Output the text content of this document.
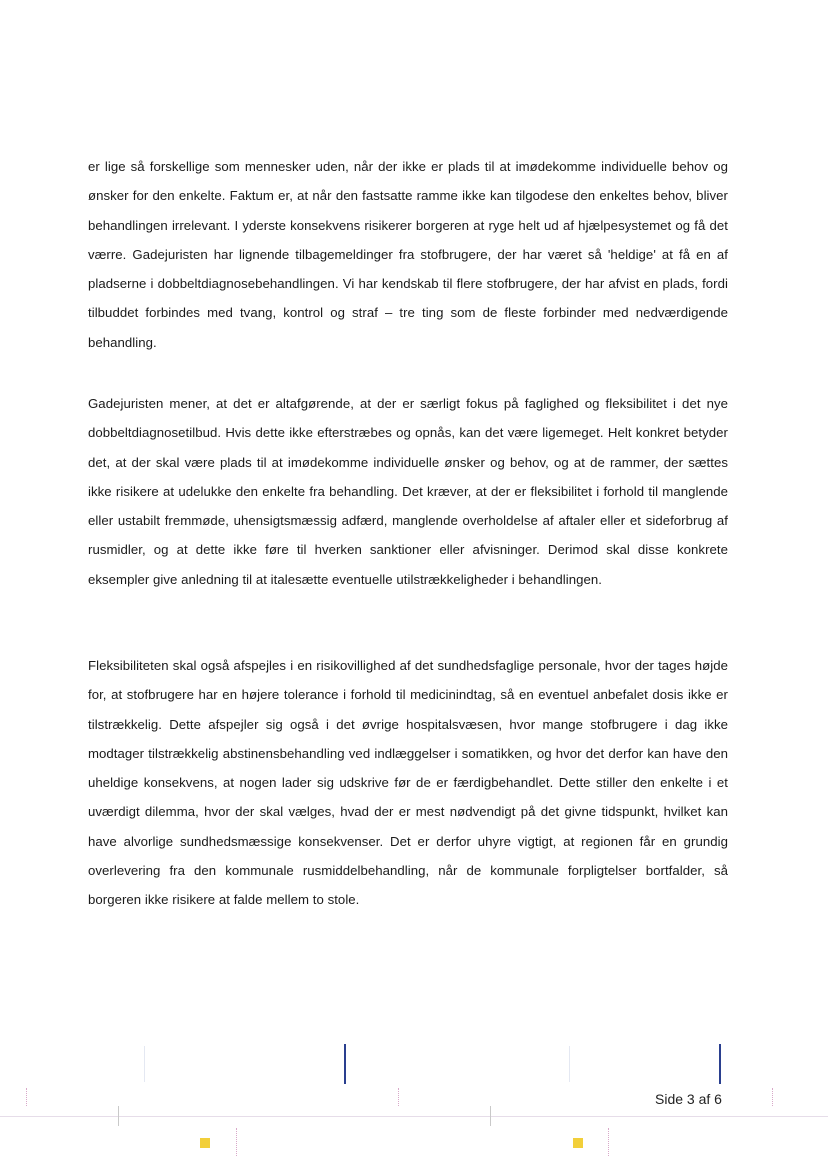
er lige så forskellige som mennesker uden, når der ikke er plads til at imødekomme individuelle behov og ønsker for den enkelte. Faktum er, at når den fastsatte ramme ikke kan tilgodese den enkeltes behov, bliver behandlingen irrelevant. I yderste konsekvens risikerer borgeren at ryge helt ud af hjælpesystemet og få det værre. Gadejuristen har lignende tilbagemeldinger fra stofbrugere, der har været så 'heldige' at få en af pladserne i dobbeltdiagnosebehandlingen. Vi har kendskab til flere stofbrugere, der har afvist en plads, fordi tilbuddet forbindes med tvang, kontrol og straf – tre ting som de fleste forbinder med nedværdigende behandling.

Gadejuristen mener, at det er altafgørende, at der er særligt fokus på faglighed og fleksibilitet i det nye dobbeltdiagnosetilbud. Hvis dette ikke efterstræbes og opnås, kan det være ligemeget. Helt konkret betyder det, at der skal være plads til at imødekomme individuelle ønsker og behov, og at de rammer, der sættes ikke risikere at udelukke den enkelte fra behandling. Det kræver, at der er fleksibilitet i forhold til manglende eller ustabilt fremmøde, uhensigtsmæssig adfærd, manglende overholdelse af aftaler eller et sideforbrug af rusmidler, og at dette ikke føre til hverken sanktioner eller afvisninger. Derimod skal disse konkrete eksempler give anledning til at italesætte eventuelle utilstrækkeligheder i behandlingen.

Fleksibiliteten skal også afspejles i en risikovillighed af det sundhedsfaglige personale, hvor der tages højde for, at stofbrugere har en højere tolerance i forhold til medicinindtag, så en eventuel anbefalet dosis ikke er tilstrækkelig. Dette afspejler sig også i det øvrige hospitalsvæsen, hvor mange stofbrugere i dag ikke modtager tilstrækkelig abstinensbehandling ved indlæggelser i somatikken, og hvor det derfor kan have den uheldige konsekvens, at nogen lader sig udskrive før de er færdigbehandlet. Dette stiller den enkelte i et uværdigt dilemma, hvor der skal vælges, hvad der er mest nødvendigt på det givne tidspunkt, hvilket kan have alvorlige sundhedsmæssige konsekvenser. Det er derfor uhyre vigtigt, at regionen får en grundig overlevering fra den kommunale rusmiddelbehandling, når de kommunale forpligtelser bortfalder, så borgeren ikke risikere at falde mellem to stole.

Side 3 af 6
